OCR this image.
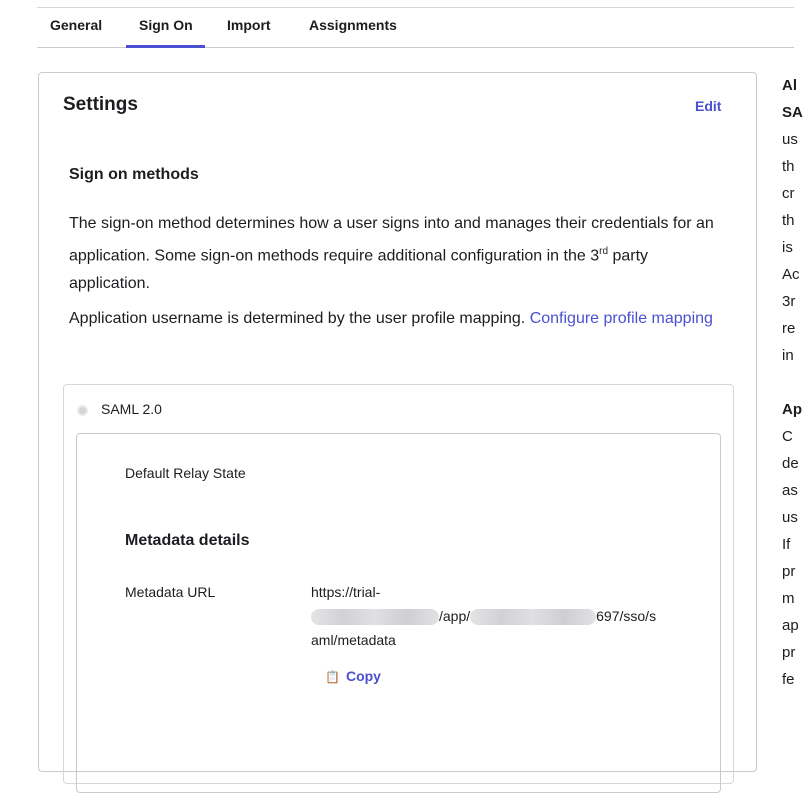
General	Sign On Import	Assignments
Settings	Edit
Sign on methods
The sign-on method determines how a user signs into and manages their credentials for an application. Some sign-on methods require additional configuration in the 3rd party application.
Application username is determined by the user profile mapping. Configure profile mapping
SAML 2.0
Default Relay State
Metadata details
Metadata URL	https://trial-
/app/	697/sso/s
aml/metadata
📋 Copy
Al
SA
us
th
cr
th
is
Ac
3r
re
in

Ap
C
de
as
us
If
pr
m
ap
pr
fe
